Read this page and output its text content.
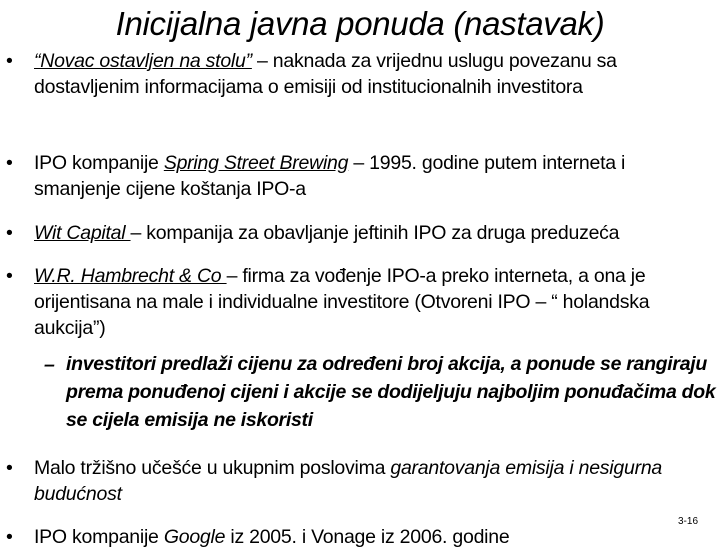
Inicijalna javna ponuda (nastavak)
• “Novac ostavljen na stolu” – naknada za vrijednu uslugu povezanu sa dostavljenim informacijama o emisiji od institucionalnih investitora
• IPO kompanije Spring Street Brewing – 1995. godine putem interneta i smanjenje cijene koštanja IPO-a
• Wit Capital – kompanija za obavljanje jeftinih IPO za druga preduzeća
• W.R. Hambrecht & Co – firma za vođenje IPO-a preko interneta, a ona je orijentisana na male i individualne investitore (Otvoreni IPO – “ holandska aukcija”)
– investitori predlaži cijenu za određeni broj akcija, a ponude se rangiraju prema ponuđenoj cijeni i akcije se dodijeljuju najboljim ponuđačima dok se cijela emisija ne iskoristi
• Malo tržišno učešće u ukupnim poslovima garantovanja emisija i nesigurna budućnost
• IPO kompanije Google iz 2005. i Vonage iz 2006. godine
3-16
